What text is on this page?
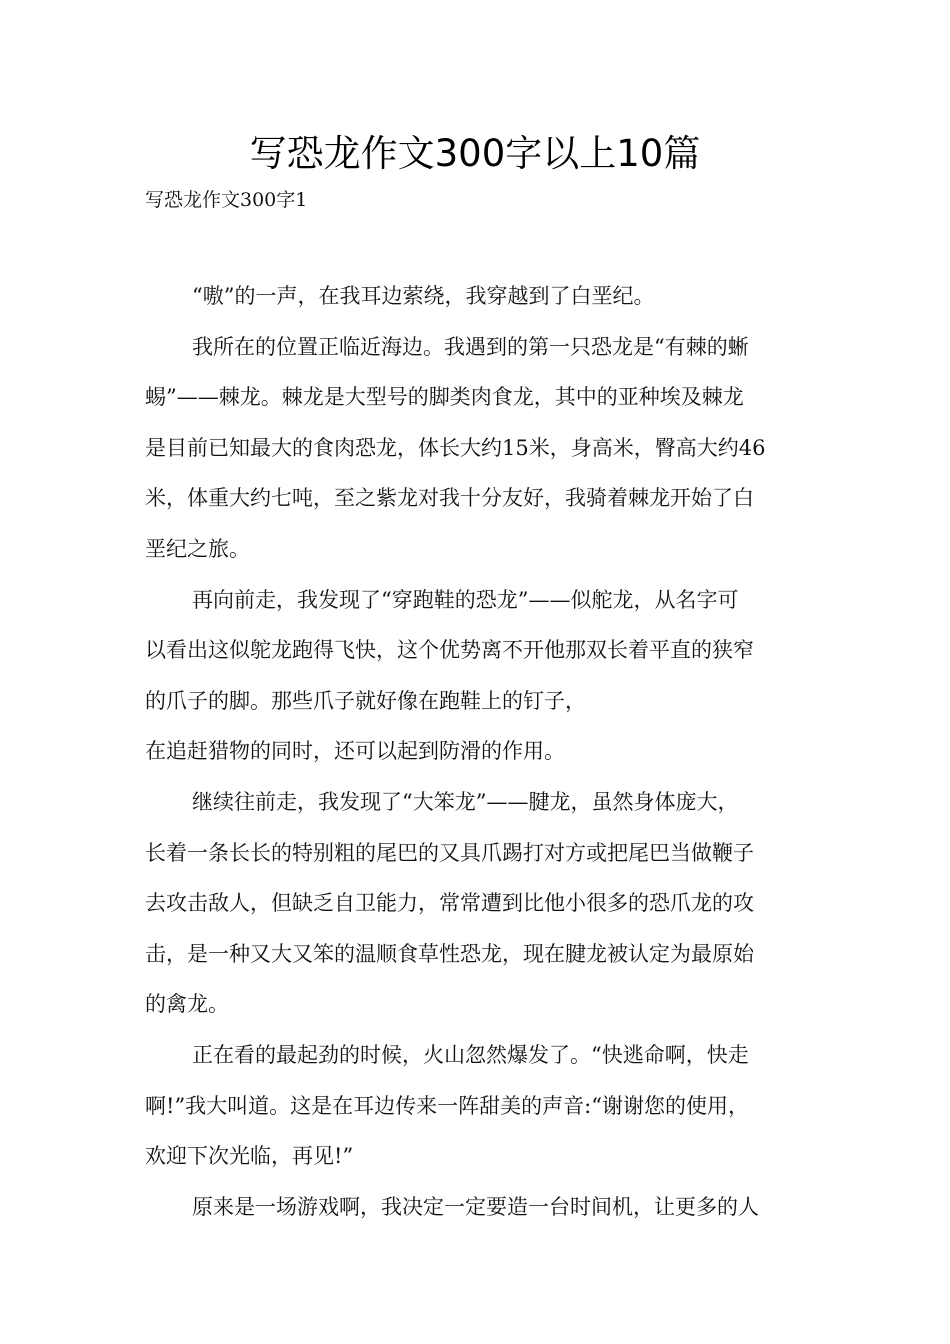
写恐龙作文300字以上10篇
写恐龙作文300字1
“嗷”的一声，在我耳边萦绕，我穿越到了白垩纪。
我所在的位置正临近海边。我遇到的第一只恐龙是“有棘的蜥
蜴”——棘龙。棘龙是大型号的脚类肉食龙，其中的亚种埃及棘龙
是目前已知最大的食肉恐龙，体长大约15米，身高米，臀高大约46
米，体重大约七吨，至之紫龙对我十分友好，我骑着棘龙开始了白
垩纪之旅。
再向前走，我发现了“穿跑鞋的恐龙”——似舵龙，从名字可
以看出这似鸵龙跑得飞快，这个优势离不开他那双长着平直的狭窄
的爪子的脚。那些爪子就好像在跑鞋上的钉子，
在追赶猎物的同时，还可以起到防滑的作用。
继续往前走，我发现了“大笨龙”——腱龙，虽然身体庞大，
长着一条长长的特别粗的尾巴的又具爪踢打对方或把尾巴当做鞭子
去攻击敌人，但缺乏自卫能力，常常遭到比他小很多的恐爪龙的攻
击，是一种又大又笨的温顺食草性恐龙，现在腱龙被认定为最原始
的禽龙。
正在看的最起劲的时候，火山忽然爆发了。“快逃命啊，快走
啊!”我大叫道。这是在耳边传来一阵甜美的声音:“谢谢您的使用，
欢迎下次光临，再见!”
原来是一场游戏啊，我决定一定要造一台时间机，让更多的人
